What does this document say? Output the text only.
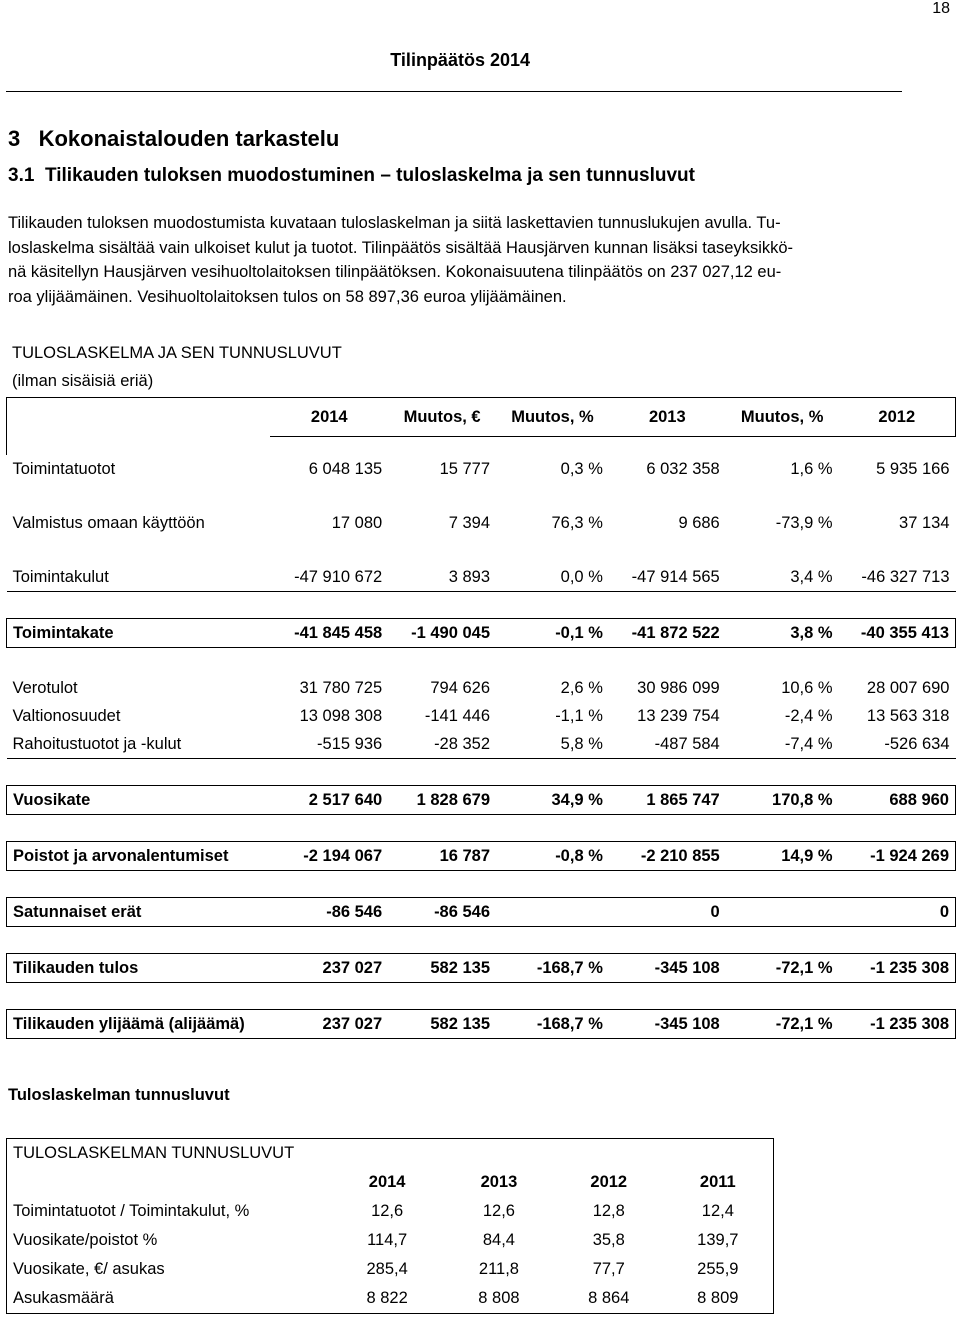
18
Tilinpäätös 2014
3   Kokonaistalouden tarkastelu
3.1  Tilikauden tuloksen muodostuminen – tuloslaskelma ja sen tunnusluvut
Tilikauden tuloksen muodostumista kuvataan tuloslaskelman ja siitä laskettavien tunnuslukujen avulla. Tu-
loslaskelma sisältää vain ulkoiset kulut ja tuotot. Tilinpäätös sisältää Hausjärven kunnan lisäksi taseyksikkö-
nä käsitellyn Hausjärven vesihuoltolaitoksen tilinpäätöksen. Kokonaisuutena tilinpäätös on 237 027,12 eu-
roa ylijäämäinen. Vesihuoltolaitoksen tulos on 58 897,36 euroa ylijäämäinen.
TULOSLASKELMA JA SEN TUNNUSLUVUT
(ilman sisäisiä eriä)
	2014	Muutos, €	Muutos, %	2013	Muutos, %	2012

Toimintatuotot	6 048 135	15 777	0,3 %	6 032 358	1,6 %	5 935 166

Valmistus omaan käyttöön	17 080	7 394	76,3 %	9 686	-73,9 %	37 134

Toimintakulut	-47 910 672	3 893	0,0 %	-47 914 565	3,4 %	-46 327 713

Toimintakate	-41 845 458	-1 490 045	-0,1 %	-41 872 522	3,8 %	-40 355 413

Verotulot	31 780 725	794 626	2,6 %	30 986 099	10,6 %	28 007 690
Valtionosuudet	13 098 308	-141 446	-1,1 %	13 239 754	-2,4 %	13 563 318
Rahoitustuotot ja -kulut	-515 936	-28 352	5,8 %	-487 584	-7,4 %	-526 634

Vuosikate	2 517 640	1 828 679	34,9 %	1 865 747	170,8 %	688 960

Poistot ja arvonalentumiset	-2 194 067	16 787	-0,8 %	-2 210 855	14,9 %	-1 924 269

Satunnaiset erät	-86 546	-86 546		0		0

Tilikauden tulos	237 027	582 135	-168,7 %	-345 108	-72,1 %	-1 235 308

Tilikauden ylijäämä (alijäämä)	237 027	582 135	-168,7 %	-345 108	-72,1 %	-1 235 308
Tuloslaskelman tunnusluvut
TULOSLASKELMAN TUNNUSLUVUT				
	2014	2013	2012	2011
Toimintatuotot / Toimintakulut, %	12,6	12,6	12,8	12,4
Vuosikate/poistot %	114,7	84,4	35,8	139,7
Vuosikate, €/ asukas	285,4	211,8	77,7	255,9
Asukasmäärä	8 822	8 808	8 864	8 809
